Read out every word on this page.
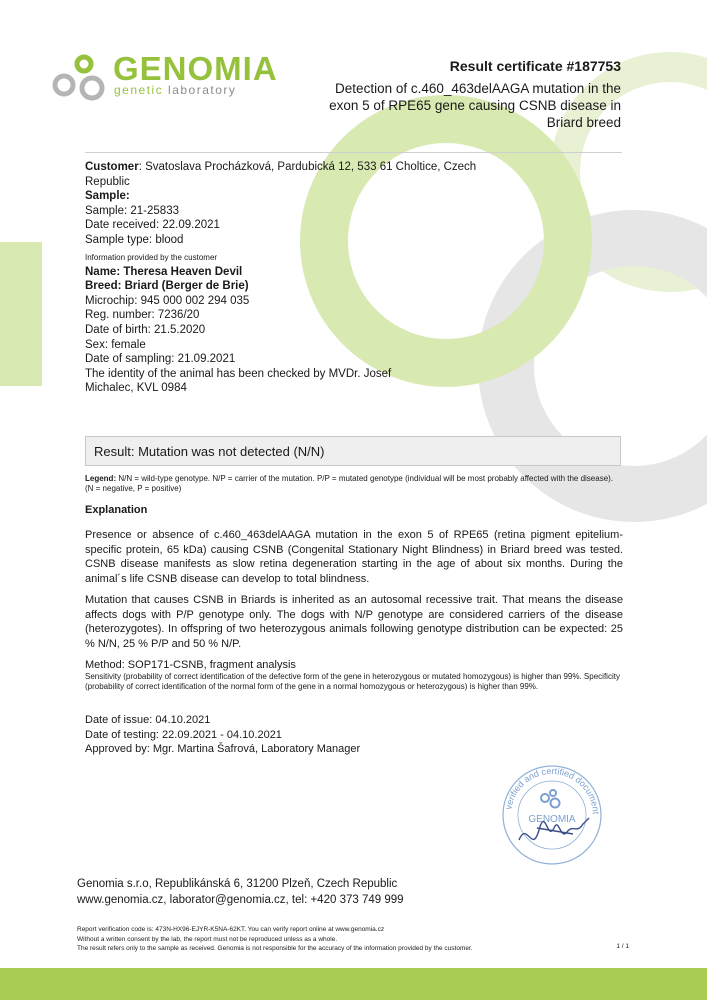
GENOMIA
genetic laboratory
Result certificate #187753
Detection of c.460_463delAAGA mutation in the exon 5 of RPE65 gene causing CSNB disease in Briard breed
Customer: Svatoslava Procházková, Pardubická 12, 533 61 Choltice, Czech Republic
Sample:
Sample: 21-25833
Date received: 22.09.2021
Sample type: blood
Information provided by the customer
Name: Theresa Heaven Devil
Breed: Briard (Berger de Brie)
Microchip: 945 000 002 294 035
Reg. number: 7236/20
Date of birth: 21.5.2020
Sex: female
Date of sampling: 21.09.2021
The identity of the animal has been checked by MVDr. Josef
Michalec, KVL 0984
Result: Mutation was not detected (N/N)
Legend: N/N = wild-type genotype. N/P = carrier of the mutation. P/P = mutated genotype (individual will be most probably affected with the disease). (N = negative, P = positive)
Explanation
Presence or absence of c.460_463delAAGA mutation in the exon 5 of RPE65 (retina pigment epitelium-specific protein, 65 kDa) causing CSNB (Congenital Stationary Night Blindness) in Briard breed was tested. CSNB disease manifests as slow retina degeneration starting in the age of about six months. During the animal´s life CSNB disease can develop to total blindness.
Mutation that causes CSNB in Briards is inherited as an autosomal recessive trait. That means the disease affects dogs with P/P genotype only. The dogs with N/P genotype are considered carriers of the disease (heterozygotes). In offspring of two heterozygous animals following genotype distribution can be expected: 25 % N/N, 25 % P/P and 50 % N/P.
Method: SOP171-CSNB, fragment analysis
Sensitivity (probability of correct identification of the defective form of the gene in heterozygous or mutated homozygous) is higher than 99%. Specificity (probability of correct identification of the normal form of the gene in a normal homozygous or heterozygous) is higher than 99%.
Date of issue: 04.10.2021
Date of testing: 22.09.2021 - 04.10.2021
Approved by: Mgr. Martina Šafrová, Laboratory Manager
verified and certified document
GENOMIA
Genomia s.r.o, Republikánská 6, 31200 Plzeň, Czech Republic
www.genomia.cz, laborator@genomia.cz, tel: +420 373 749 999
Report verification code is: 473N-HX96-EJYR-K5NA-62KT. You can verify report online at www.genomia.cz
Without a written consent by the lab, the report must not be reproduced unless as a whole.
The result refers only to the sample as received. Genomia is not responsible for the accuracy of the information provided by the customer.	1 / 1
